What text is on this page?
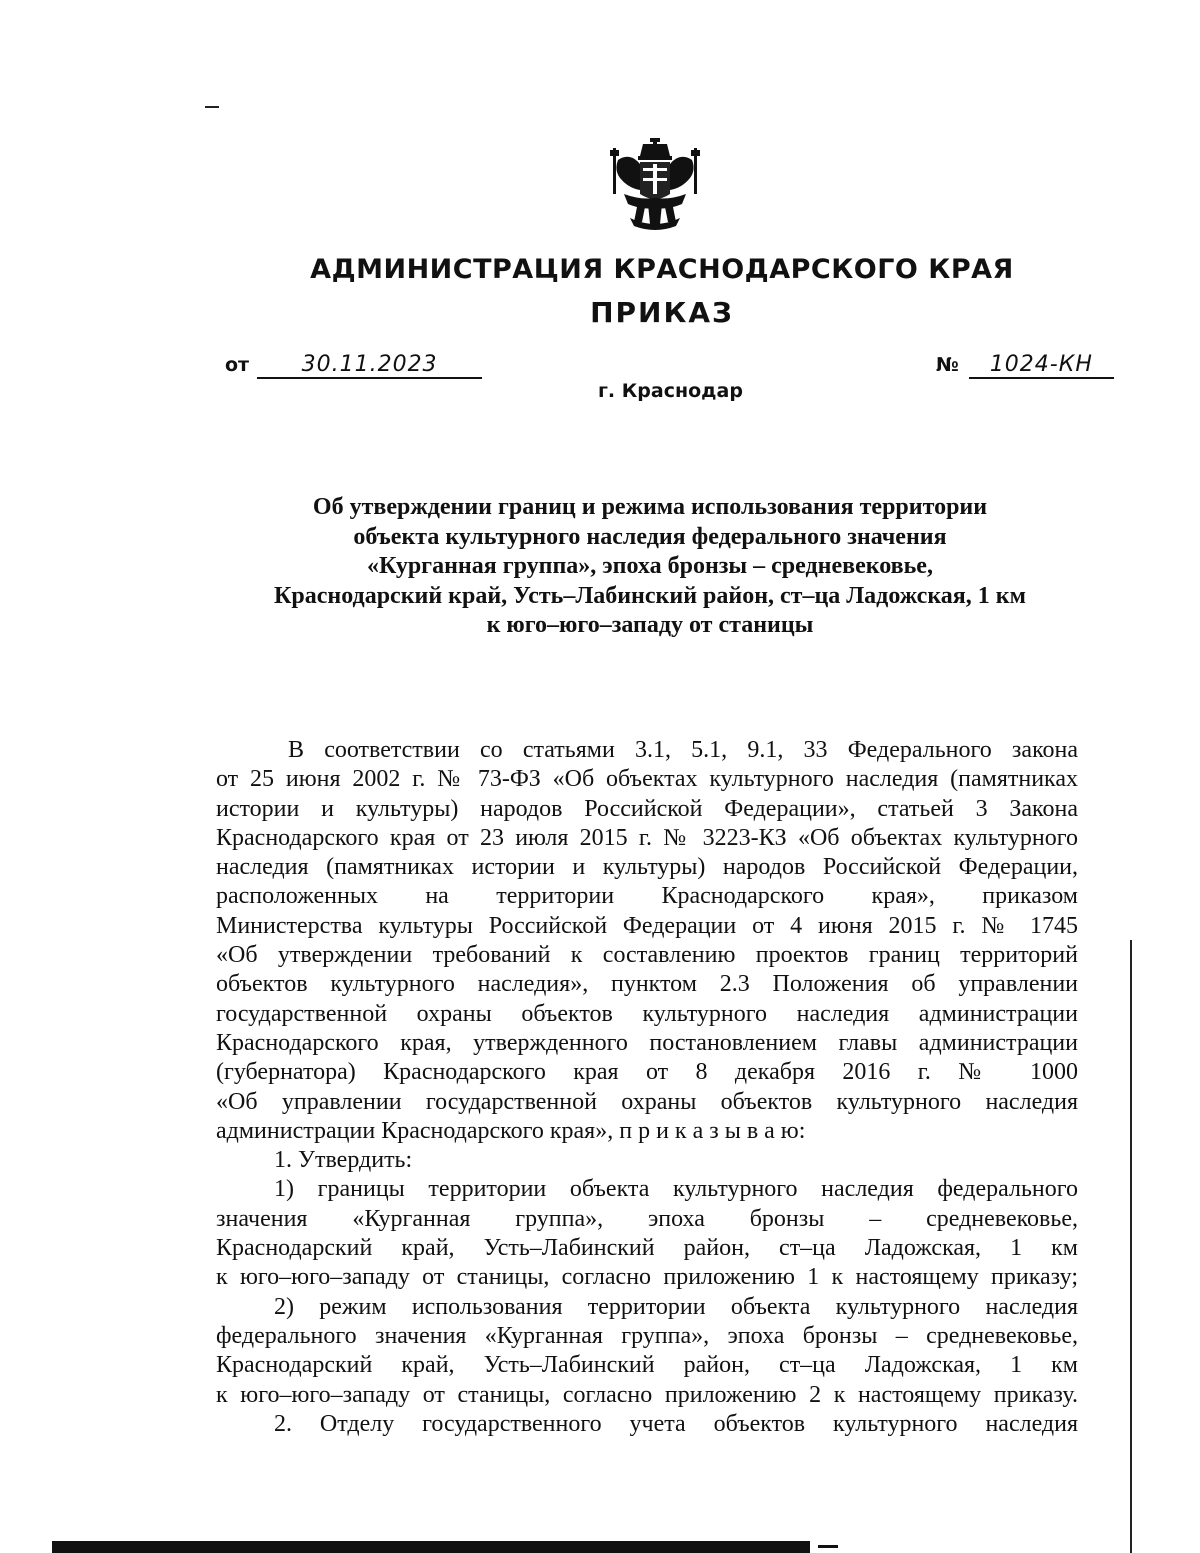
АДМИНИСТРАЦИЯ КРАСНОДАРСКОГО КРАЯ
ПРИКАЗ
от 30.11.2023	№ 1024-КН
г. Краснодар
Об утверждении границ и режима использования территории
объекта культурного наследия федерального значения
«Курганная группа», эпоха бронзы – средневековье,
Краснодарский край, Усть–Лабинский район, ст–ца Ладожская, 1 км
к юго–юго–западу от станицы
В соответствии со статьями 3.1, 5.1, 9.1, 33 Федерального закона
от 25 июня 2002 г. № 73-ФЗ «Об объектах культурного наследия (памятниках
истории и культуры) народов Российской Федерации», статьей 3 Закона
Краснодарского края от 23 июля 2015 г. № 3223-КЗ «Об объектах культурного
наследия (памятниках истории и культуры) народов Российской Федерации,
расположенных на территории Краснодарского края», приказом
Министерства культуры Российской Федерации от 4 июня 2015 г. № 1745
«Об утверждении требований к составлению проектов границ территорий
объектов культурного наследия», пунктом 2.3 Положения об управлении
государственной охраны объектов культурного наследия администрации
Краснодарского края, утвержденного постановлением главы администрации
(губернатора) Краснодарского края от 8 декабря 2016 г. № 1000
«Об управлении государственной охраны объектов культурного наследия
администрации Краснодарского края», п р и к а з ы в а ю:
1. Утвердить:
1) границы территории объекта культурного наследия федерального
значения «Курганная группа», эпоха бронзы – средневековье,
Краснодарский край, Усть–Лабинский район, ст–ца Ладожская, 1 км
к юго–юго–западу от станицы, согласно приложению 1 к настоящему приказу;
2) режим использования территории объекта культурного наследия
федерального значения «Курганная группа», эпоха бронзы – средневековье,
Краснодарский край, Усть–Лабинский район, ст–ца Ладожская, 1 км
к юго–юго–западу от станицы, согласно приложению 2 к настоящему приказу.
2. Отделу государственного учета объектов культурного наследия
